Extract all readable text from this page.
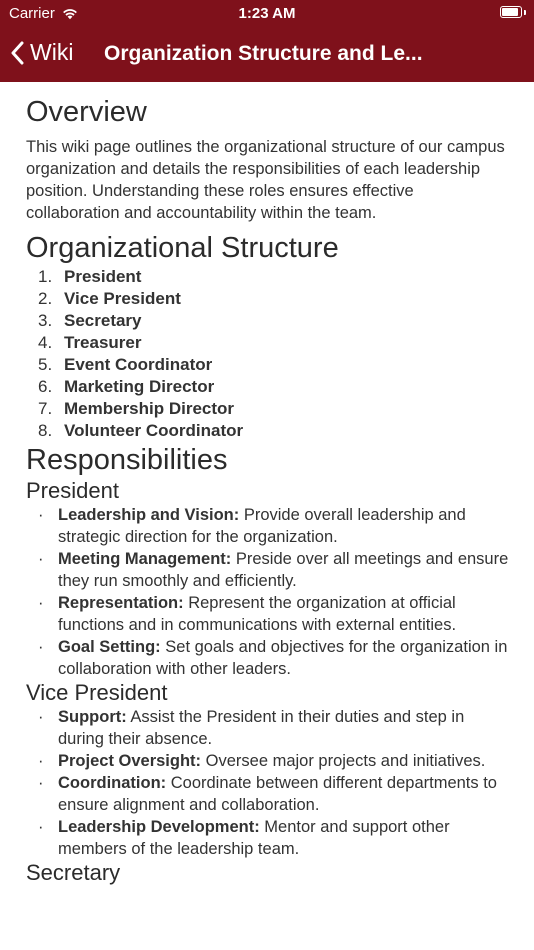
Carrier	1:23 AM
Wiki Organization Structure and Le...
Overview

This wiki page outlines the organizational structure of our campus organization and details the responsibilities of each leadership position. Understanding these roles ensures effective collaboration and accountability within the team.

Organizational Structure
1. President
2. Vice President
3. Secretary
4. Treasurer
5. Event Coordinator
6. Marketing Director
7. Membership Director
8. Volunteer Coordinator
Responsibilities
President
· Leadership and Vision: Provide overall leadership and strategic direction for the organization.
· Meeting Management: Preside over all meetings and ensure they run smoothly and efficiently.
· Representation: Represent the organization at official functions and in communications with external entities.
· Goal Setting: Set goals and objectives for the organization in collaboration with other leaders.
Vice President
· Support: Assist the President in their duties and step in during their absence.
· Project Oversight: Oversee major projects and initiatives.
· Coordination: Coordinate between different departments to ensure alignment and collaboration.
· Leadership Development: Mentor and support other members of the leadership team.
Secretary
